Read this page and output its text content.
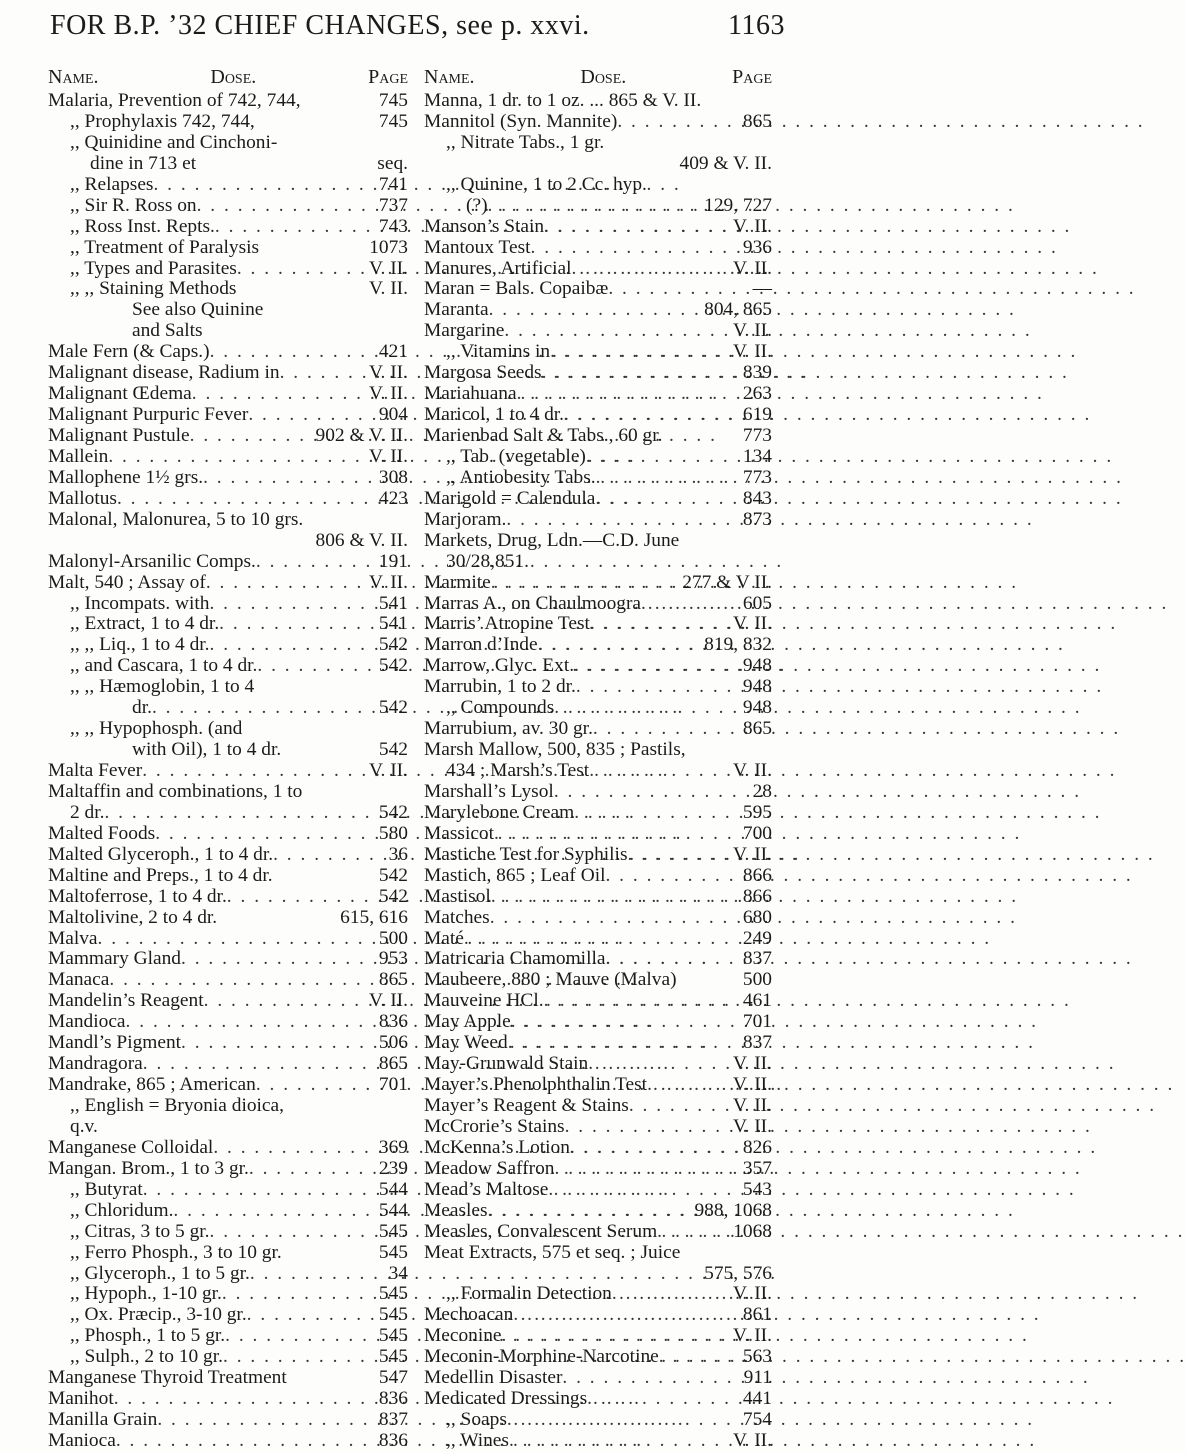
FOR B.P. ’32 CHIEF CHANGES, see p. xxvi.	1163
Name.	Dose.	Page
Malaria, Prevention of 742, 744,	745
,, Prophylaxis 742, 744,	745
,, Quinidine and Cinchoni-
dine in 713 et	seq.
,, Relapses . . .	741
,, Sir R. Ross on . . .	737
,, Ross Inst. Repts. . . .	743
,, Treatment of Paralysis	1073
,, Types and Parasites . . .	V. II.
,, ,, Staining Methods	V. II.
See also Quinine
and Salts
Male Fern (& Caps.) . . .	421
Malignant disease, Radium in . . .	V. II.
Malignant Œdema . . .	V. II.
Malignant Purpuric Fever . . .	904
Malignant Pustule . . .	902 & V. II.
Mallein . . .	V. II.
Mallophene 1½ grs. . . .	308
Mallotus . . .	423
Malonal, Malonurea, 5 to 10 grs.
806 & V. II.
Malonyl-Arsanilic Comps. . . .	191
Malt, 540 ; Assay of . . .	V. II.
,, Incompats. with . . .	541
,, Extract, 1 to 4 dr. . . .	541
,, ,, Liq., 1 to 4 dr. . . .	542
,, and Cascara, 1 to 4 dr. . . .	542
,, ,, Hæmoglobin, 1 to 4
dr. . . .	542
,, ,, Hypophosph. (and
with Oil), 1 to 4 dr.	542
Malta Fever . . .	V. II.
Maltaffin and combinations, 1 to
2 dr. . . .	542
Malted Foods . . .	580
Malted Glyceroph., 1 to 4 dr. . . .	36
Maltine and Preps., 1 to 4 dr.	542
Maltoferrose, 1 to 4 dr. . . .	542
Maltolivine, 2 to 4 dr.	615, 616
Malva . . .	500
Mammary Gland . . .	953
Manaca . . .	865
Mandelin’s Reagent . . .	V. II.
Mandioca . . .	836
Mandl’s Pigment . . .	506
Mandragora . . .	865
Mandrake, 865 ; American . . .	701
,, English = Bryonia dioica,
q.v.
Manganese Colloidal . . .	369
Mangan. Brom., 1 to 3 gr. . . .	239
,, Butyrat . . .	544
,, Chloridum. . . .	544
,, Citras, 3 to 5 gr. . . .	545
,, Ferro Phosph., 3 to 10 gr.	545
,, Glyceroph., 1 to 5 gr. . . .	34
,, Hypoph., 1-10 gr. . . .	545
,, Ox. Præcip., 3-10 gr. . . .	545
,, Phosph., 1 to 5 gr. . . .	545
,, Sulph., 2 to 10 gr. . . .	545
Manganese Thyroid Treatment	547
Manihot . . .	836
Manilla Grain . . .	837
Manioca . . .	836
Name.	Dose.	Page
Manna, 1 dr. to 1 oz. ... 865 & V. II.
Mannitol (Syn. Mannite) . . .	865
,, Nitrate Tabs., 1 gr.
409 & V. II.
,, Quinine, 1 to 2 Cc. hyp.
(?) . . .	129, 727
Manson’s Stain . . .	V. II.
Mantoux Test . . .	936
Manures, Artificial . . .	V. II.
Maran = Bals. Copaibæ . . .	—
Maranta . . .	804, 865
Margarine . . .	V. II.
,, Vitamins in . . .	V. II.
Margosa Seeds . . .	839
Mariahuana . . .	263
Maricol, 1 to 4 dr. . . .	619
Marienbad Salt & Tabs., 60 gr.	773
,, Tab. (vegetable) . . .	134
,, Antiobesity Tabs. . . .	773
Marigold = Calendula . . .	843
Marjoram. . . .	873
Markets, Drug, Ldn.—C.D. June
30/28,851.
Marmite . . .	277 & V II.
Marras A., on Chaulmoogra . . .	605
Marris’ Atropine Test . . .	V. II.
Marron d’Inde . . .	819, 832
Marrow, Glyc. Ext. . . .	948
Marrubin, 1 to 2 dr. . . .	948
,, Compounds . . .	948
Marrubium, av. 30 gr. . . .	865
Marsh Mallow, 500, 835 ; Pastils,
434 ; Marsh’s Test . . .	V. II.
Marshall’s Lysol . . .	28
Marylebone Cream . . .	595
Massicot . . .	700
Mastiche Test for Syphilis . . .	V. II.
Mastich, 865 ; Leaf Oil . . .	866
Mastisol . . .	866
Matches . . .	680
Maté . . .	249
Matricaria Chamomilla . . .	837
Maubeere, 880 ; Mauve (Malva)	500
Mauveine HCl. . . .	461
May Apple . . .	701
May Weed . . .	837
May-Grunwald Stain . . .	V. II.
Mayer’s Phenolphthalin Test . . .	V. II.
Mayer’s Reagent & Stains . . .	V. II.
McCrorie’s Stains . . .	V. II.
McKenna’s Lotion . . .	826
Meadow Saffron . . .	357
Mead’s Maltose . . .	543
Measles . . .	988, 1068
Measles, Convalescent Serum . . .	1068
Meat Extracts, 575 et seq. ; Juice
575, 576
,, Formalin Detection . . .	V. II.
Mechoacan . . .	861
Meconine . . .	V. II.
Meconin-Morphine-Narcotine . . .	563
Medellin Disaster . . .	911
Medicated Dressings . . .	441
,, Soaps . . .	754
,, Wines . . .	V. II.
